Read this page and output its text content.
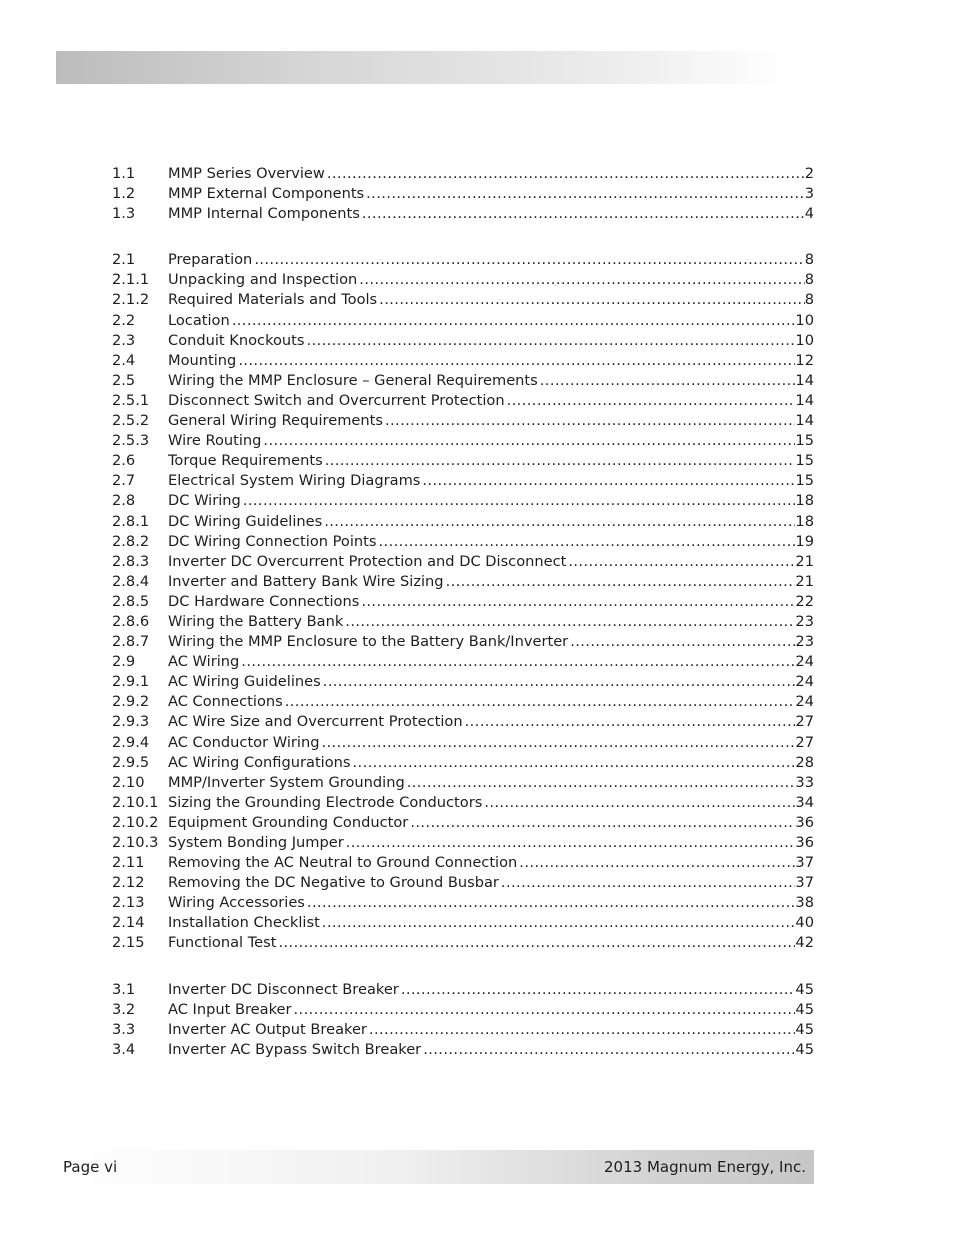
1.1	MMP Series Overview .....	2
1.2	MMP External Components .....	3
1.3	MMP Internal Components .....	4
2.1	Preparation .....	8
2.1.1	Unpacking and Inspection .....	8
2.1.2	Required Materials and Tools .....	8
2.2	Location .....	10
2.3	Conduit Knockouts .....	10
2.4	Mounting .....	12
2.5	Wiring the MMP Enclosure – General Requirements .....	14
2.5.1	Disconnect Switch and Overcurrent Protection .....	14
2.5.2	General Wiring Requirements .....	14
2.5.3	Wire Routing .....	15
2.6	Torque Requirements .....	15
2.7	Electrical System Wiring Diagrams .....	15
2.8	DC Wiring .....	18
2.8.1	DC Wiring Guidelines .....	18
2.8.2	DC Wiring Connection Points .....	19
2.8.3	Inverter DC Overcurrent Protection and DC Disconnect .....	21
2.8.4	Inverter and Battery Bank Wire Sizing .....	21
2.8.5	DC Hardware Connections .....	22
2.8.6	Wiring the Battery Bank .....	23
2.8.7	Wiring the MMP Enclosure to the Battery Bank/Inverter .....	23
2.9	AC Wiring .....	24
2.9.1	AC Wiring Guidelines .....	24
2.9.2	AC Connections .....	24
2.9.3	AC Wire Size and Overcurrent Protection .....	27
2.9.4	AC Conductor Wiring .....	27
2.9.5	AC Wiring Configurations .....	28
2.10	MMP/Inverter System Grounding .....	33
2.10.1 Sizing the Grounding Electrode Conductors .....	34
2.10.2 Equipment Grounding Conductor .....	36
2.10.3 System Bonding Jumper .....	36
2.11	Removing the AC Neutral to Ground Connection .....	37
2.12	Removing the DC Negative to Ground Busbar .....	37
2.13	Wiring Accessories .....	38
2.14	Installation Checklist .....	40
2.15	Functional Test .....	42
3.1	Inverter DC Disconnect Breaker .....	45
3.2	AC Input Breaker .....	45
3.3	Inverter AC Output Breaker .....	45
3.4	Inverter AC Bypass Switch Breaker .....	45
Page vi	2013 Magnum Energy, Inc.
